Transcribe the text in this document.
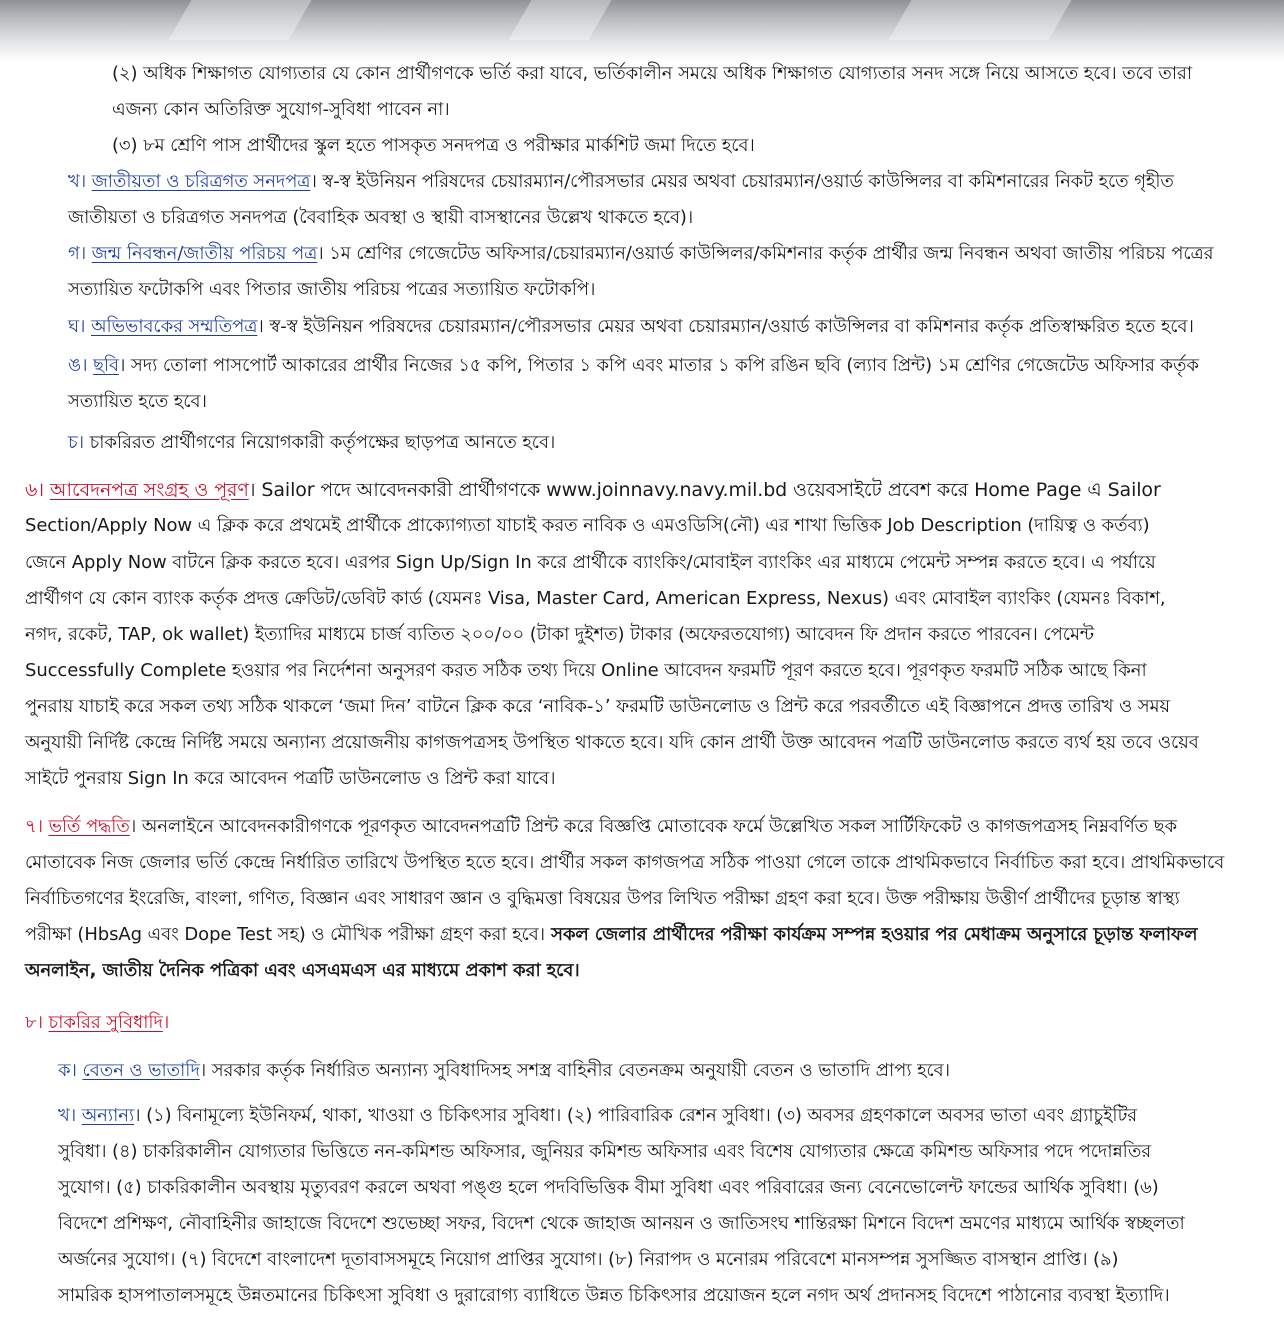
(২) অধিক শিক্ষাগত যোগ্যতার যে কোন প্রার্থীগণকে ভর্তি করা যাবে, ভর্তিকালীন সময়ে অধিক শিক্ষাগত যোগ্যতার সনদ সঙ্গে নিয়ে আসতে হবে। তবে তারা
এজন্য কোন অতিরিক্ত সুযোগ-সুবিধা পাবেন না।
(৩) ৮ম শ্রেণি পাস প্রার্থীদের স্কুল হতে পাসকৃত সনদপত্র ও পরীক্ষার মার্কশিট জমা দিতে হবে।
খ। জাতীয়তা ও চরিত্রগত সনদপত্র। স্ব-স্ব ইউনিয়ন পরিষদের চেয়ারম্যান/পৌরসভার মেয়র অথবা চেয়ারম্যান/ওয়ার্ড কাউন্সিলর বা কমিশনারের নিকট হতে গৃহীত
জাতীয়তা ও চরিত্রগত সনদপত্র (বৈবাহিক অবস্থা ও স্থায়ী বাসস্থানের উল্লেখ থাকতে হবে)।
গ। জন্ম নিবন্ধন/জাতীয় পরিচয় পত্র। ১ম শ্রেণির গেজেটেড অফিসার/চেয়ারম্যান/ওয়ার্ড কাউন্সিলর/কমিশনার কর্তৃক প্রার্থীর জন্ম নিবন্ধন অথবা জাতীয় পরিচয় পত্রের
সত্যায়িত ফটোকপি এবং পিতার জাতীয় পরিচয় পত্রের সত্যায়িত ফটোকপি।
ঘ। অভিভাবকের সম্মতিপত্র। স্ব-স্ব ইউনিয়ন পরিষদের চেয়ারম্যান/পৌরসভার মেয়র অথবা চেয়ারম্যান/ওয়ার্ড কাউন্সিলর বা কমিশনার কর্তৃক প্রতিস্বাক্ষরিত হতে হবে।
ঙ। ছবি। সদ্য তোলা পাসপোর্ট আকারের প্রার্থীর নিজের ১৫ কপি, পিতার ১ কপি এবং মাতার ১ কপি রঙিন ছবি (ল্যাব প্রিন্ট) ১ম শ্রেণির গেজেটেড অফিসার কর্তৃক
সত্যায়িত হতে হবে।
চ। চাকরিরত প্রার্থীগণের নিয়োগকারী কর্তৃপক্ষের ছাড়পত্র আনতে হবে।
৬। আবেদনপত্র সংগ্রহ ও পূরণ। Sailor পদে আবেদনকারী প্রার্থীগণকে www.joinnavy.navy.mil.bd ওয়েবসাইটে প্রবেশ করে Home Page এ Sailor
Section/Apply Now এ ক্লিক করে প্রথমেই প্রার্থীকে প্রাক্যোগ্যতা যাচাই করত নাবিক ও এমওডিসি(নৌ) এর শাখা ভিত্তিক Job Description (দায়িত্ব ও কর্তব্য)
জেনে Apply Now বাটনে ক্লিক করতে হবে। এরপর Sign Up/Sign In করে প্রার্থীকে ব্যাংকিং/মোবাইল ব্যাংকিং এর মাধ্যমে পেমেন্ট সম্পন্ন করতে হবে। এ পর্যায়ে
প্রার্থীগণ যে কোন ব্যাংক কর্তৃক প্রদত্ত ক্রেডিট/ডেবিট কার্ড (যেমনঃ Visa, Master Card, American Express, Nexus) এবং মোবাইল ব্যাংকিং (যেমনঃ বিকাশ,
নগদ, রকেট, TAP, ok wallet) ইত্যাদির মাধ্যমে চার্জ ব্যতিত ২০০/০০ (টাকা দুইশত) টাকার (অফেরতযোগ্য) আবেদন ফি প্রদান করতে পারবেন। পেমেন্ট
Successfully Complete হওয়ার পর নির্দেশনা অনুসরণ করত সঠিক তথ্য দিয়ে Online আবেদন ফরমটি পূরণ করতে হবে। পূরণকৃত ফরমটি সঠিক আছে কিনা
পুনরায় যাচাই করে সকল তথ্য সঠিক থাকলে ‘জমা দিন’ বাটনে ক্লিক করে ‘নাবিক-১’ ফরমটি ডাউনলোড ও প্রিন্ট করে পরবর্তীতে এই বিজ্ঞাপনে প্রদত্ত তারিখ ও সময়
অনুযায়ী নির্দিষ্ট কেন্দ্রে নির্দিষ্ট সময়ে অন্যান্য প্রয়োজনীয় কাগজপত্রসহ উপস্থিত থাকতে হবে। যদি কোন প্রার্থী উক্ত আবেদন পত্রটি ডাউনলোড করতে ব্যর্থ হয় তবে ওয়েব
সাইটে পুনরায় Sign In করে আবেদন পত্রটি ডাউনলোড ও প্রিন্ট করা যাবে।
৭। ভর্তি পদ্ধতি। অনলাইনে আবেদনকারীগণকে পূরণকৃত আবেদনপত্রটি প্রিন্ট করে বিজ্ঞপ্তি মোতাবেক ফর্মে উল্লেখিত সকল সার্টিফিকেট ও কাগজপত্রসহ নিম্নবর্ণিত ছক
মোতাবেক নিজ জেলার ভর্তি কেন্দ্রে নির্ধারিত তারিখে উপস্থিত হতে হবে। প্রার্থীর সকল কাগজপত্র সঠিক পাওয়া গেলে তাকে প্রাথমিকভাবে নির্বাচিত করা হবে। প্রাথমিকভাবে
নির্বাচিতগণের ইংরেজি, বাংলা, গণিত, বিজ্ঞান এবং সাধারণ জ্ঞান ও বুদ্ধিমত্তা বিষয়ের উপর লিখিত পরীক্ষা গ্রহণ করা হবে। উক্ত পরীক্ষায় উত্তীর্ণ প্রার্থীদের চূড়ান্ত স্বাস্থ্য
পরীক্ষা (HbsAg এবং Dope Test সহ) ও মৌখিক পরীক্ষা গ্রহণ করা হবে। সকল জেলার প্রার্থীদের পরীক্ষা কার্যক্রম সম্পন্ন হওয়ার পর মেধাক্রম অনুসারে চূড়ান্ত ফলাফল
অনলাইন, জাতীয় দৈনিক পত্রিকা এবং এসএমএস এর মাধ্যমে প্রকাশ করা হবে।
৮। চাকরির সুবিধাদি।
ক। বেতন ও ভাতাদি। সরকার কর্তৃক নির্ধারিত অন্যান্য সুবিধাদিসহ সশস্ত্র বাহিনীর বেতনক্রম অনুযায়ী বেতন ও ভাতাদি প্রাপ্য হবে।
খ। অন্যান্য। (১) বিনামূল্যে ইউনিফর্ম, থাকা, খাওয়া ও চিকিৎসার সুবিধা। (২) পারিবারিক রেশন সুবিধা। (৩) অবসর গ্রহণকালে অবসর ভাতা এবং গ্র্যাচুইটির
সুবিধা। (৪) চাকরিকালীন যোগ্যতার ভিত্তিতে নন-কমিশন্ড অফিসার, জুনিয়র কমিশন্ড অফিসার এবং বিশেষ যোগ্যতার ক্ষেত্রে কমিশন্ড অফিসার পদে পদোন্নতির
সুযোগ। (৫) চাকরিকালীন অবস্থায় মৃত্যুবরণ করলে অথবা পঙ্গু হলে পদবিভিত্তিক বীমা সুবিধা এবং পরিবারের জন্য বেনেভোলেন্ট ফান্ডের আর্থিক সুবিধা। (৬)
বিদেশে প্রশিক্ষণ, নৌবাহিনীর জাহাজে বিদেশে শুভেচ্ছা সফর, বিদেশ থেকে জাহাজ আনয়ন ও জাতিসংঘ শান্তিরক্ষা মিশনে বিদেশ ভ্রমণের মাধ্যমে আর্থিক স্বচ্ছলতা
অর্জনের সুযোগ। (৭) বিদেশে বাংলাদেশ দূতাবাসসমূহে নিয়োগ প্রাপ্তির সুযোগ। (৮) নিরাপদ ও মনোরম পরিবেশে মানসম্পন্ন সুসজ্জিত বাসস্থান প্রাপ্তি। (৯)
সামরিক হাসপাতালসমূহে উন্নতমানের চিকিৎসা সুবিধা ও দুরারোগ্য ব্যাধিতে উন্নত চিকিৎসার প্রয়োজন হলে নগদ অর্থ প্রদানসহ বিদেশে পাঠানোর ব্যবস্থা ইত্যাদি।
